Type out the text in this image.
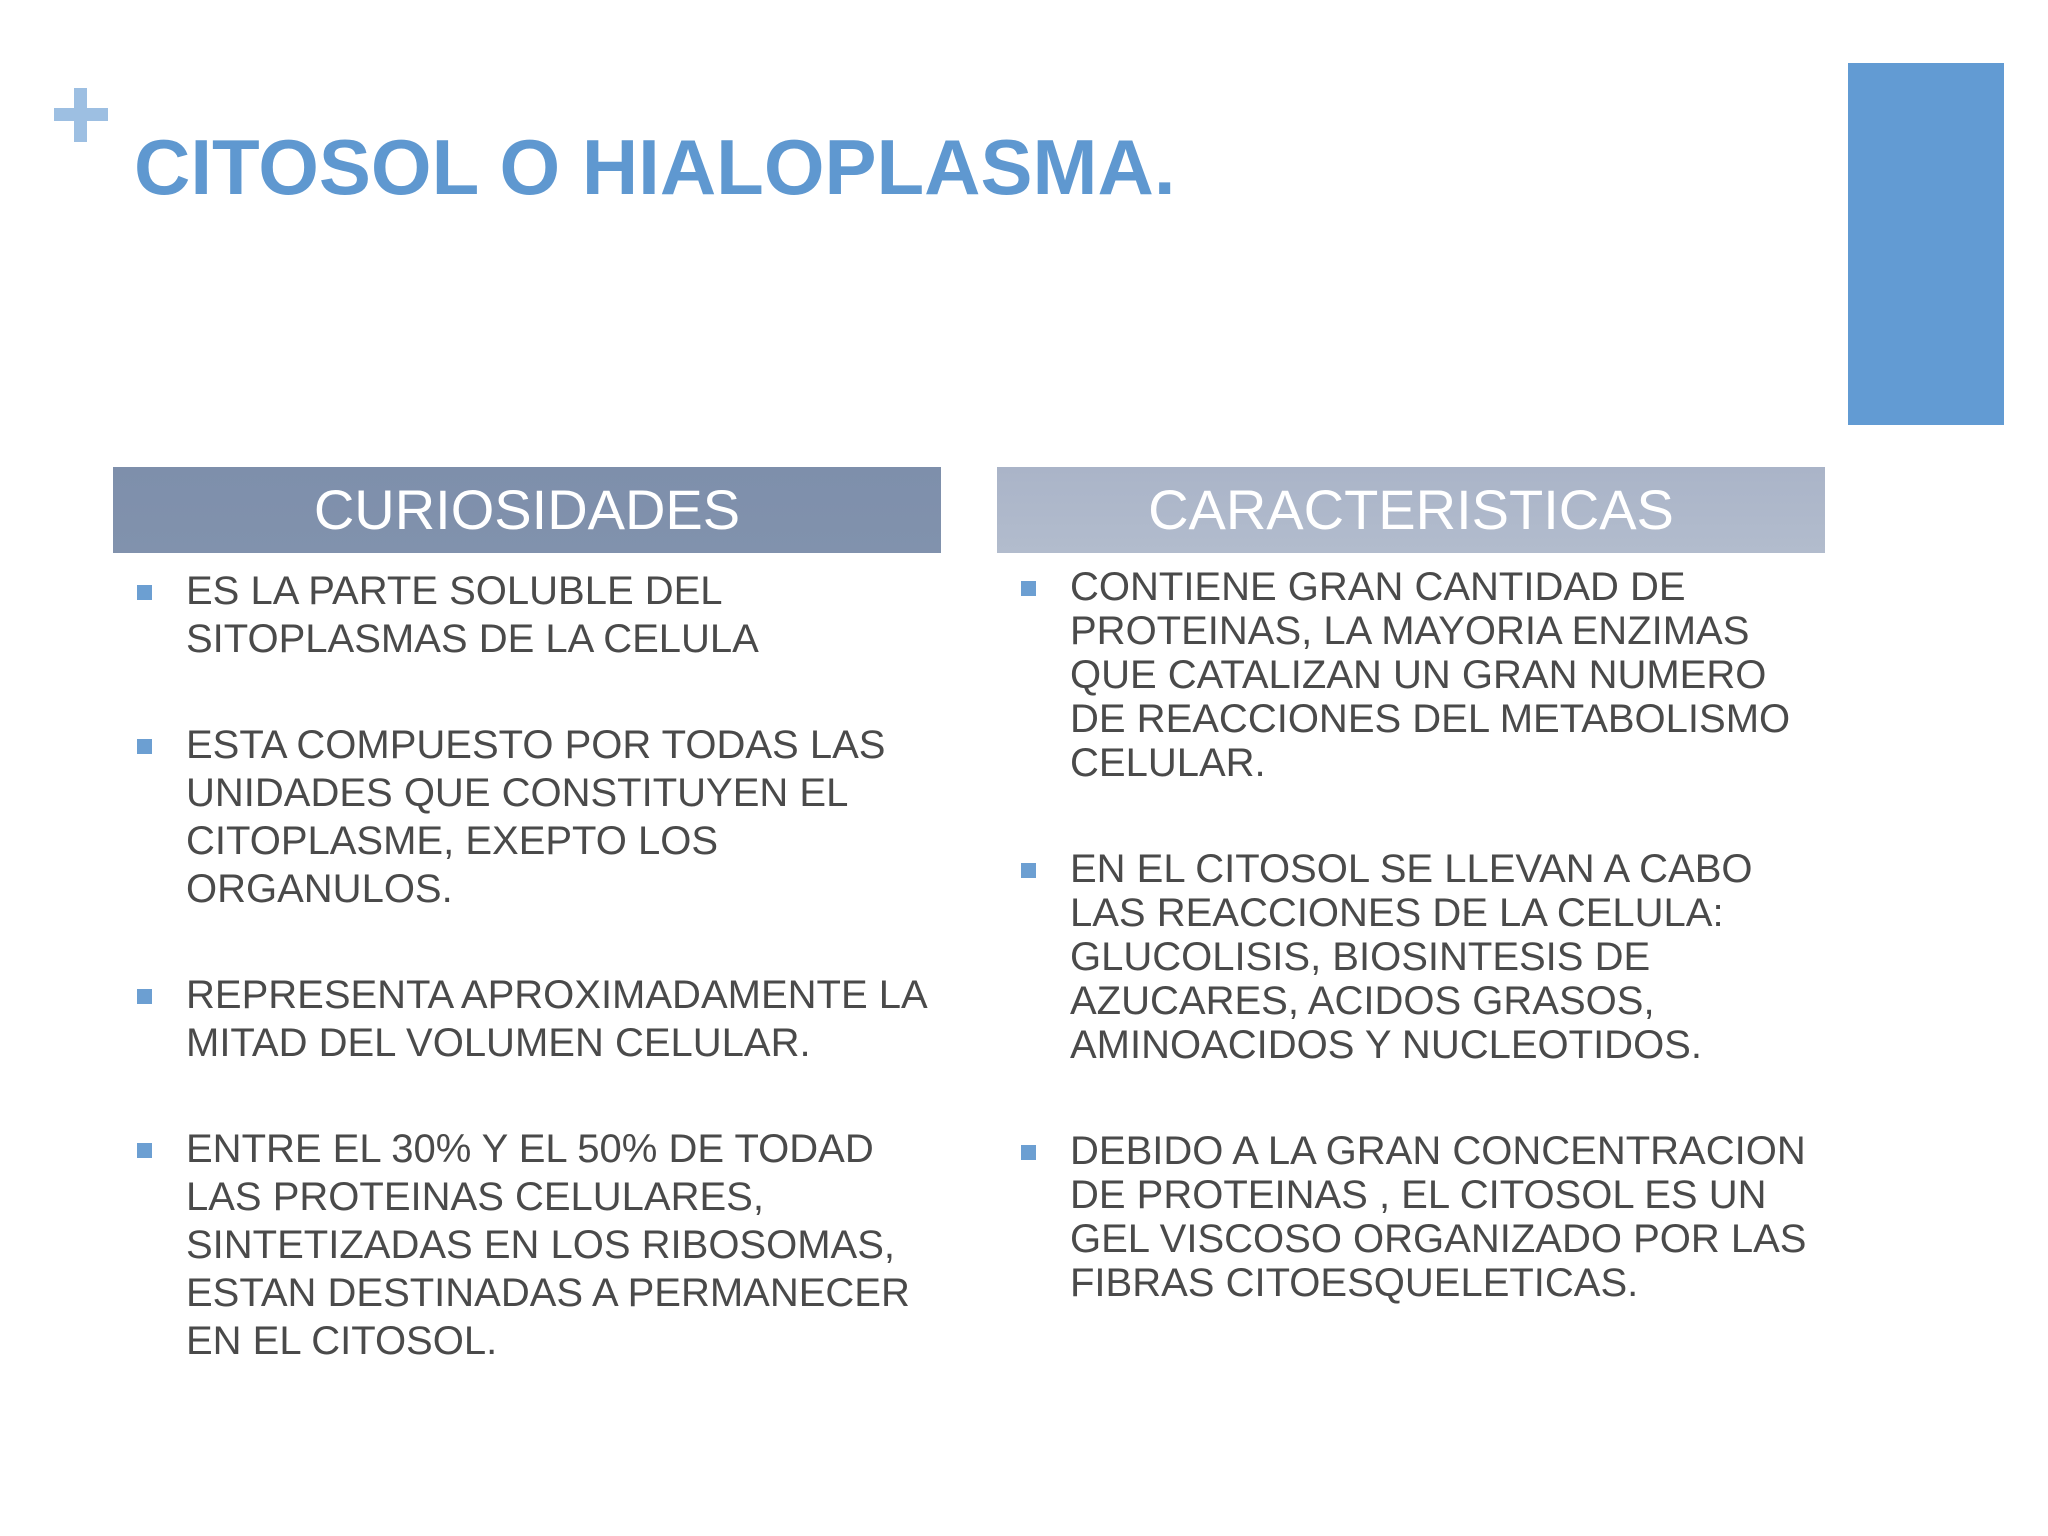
CITOSOL O HIALOPLASMA.
CURIOSIDADES
ES LA PARTE SOLUBLE DEL SITOPLASMAS DE LA CELULA
ESTA COMPUESTO POR TODAS LAS UNIDADES QUE CONSTITUYEN EL CITOPLASME, EXEPTO LOS ORGANULOS.
REPRESENTA APROXIMADAMENTE LA MITAD DEL VOLUMEN CELULAR.
ENTRE EL 30% Y EL 50% DE TODAD LAS PROTEINAS CELULARES, SINTETIZADAS EN LOS RIBOSOMAS, ESTAN DESTINADAS A PERMANECER EN EL CITOSOL.
CARACTERISTICAS
CONTIENE GRAN CANTIDAD DE PROTEINAS, LA MAYORIA ENZIMAS QUE CATALIZAN UN GRAN NUMERO DE REACCIONES DEL METABOLISMO CELULAR.
EN EL CITOSOL SE LLEVAN A CABO LAS REACCIONES DE LA CELULA: GLUCOLISIS, BIOSINTESIS DE AZUCARES, ACIDOS GRASOS, AMINOACIDOS Y NUCLEOTIDOS.
DEBIDO A LA GRAN CONCENTRACION DE PROTEINAS , EL CITOSOL ES UN GEL VISCOSO ORGANIZADO POR LAS FIBRAS CITOESQUELETICAS.
